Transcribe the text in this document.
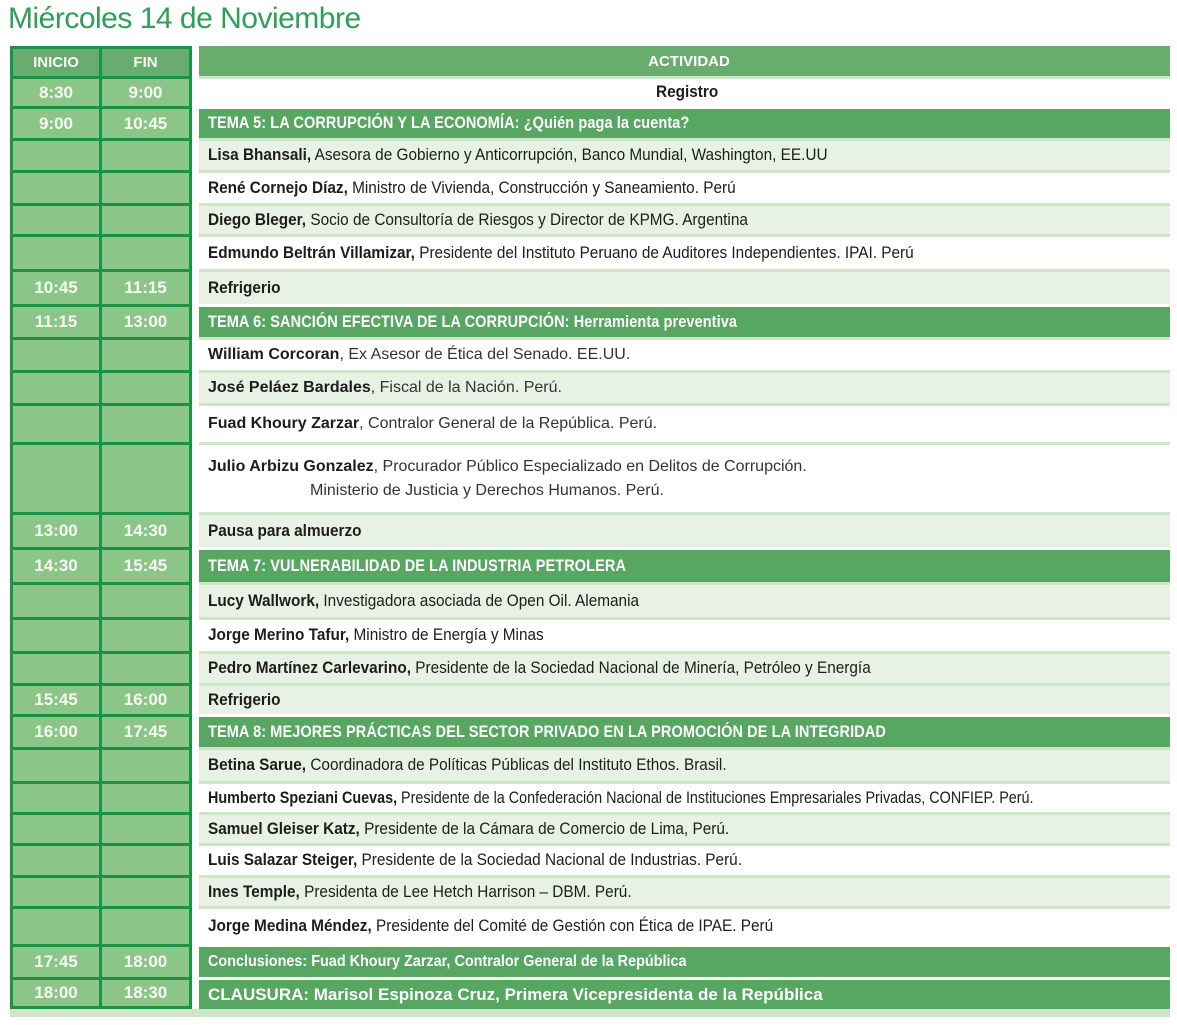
Miércoles 14 de Noviembre
INICIO	FIN	ACTIVIDAD
8:30	9:00	Registro
9:00	10:45	TEMA 5: LA CORRUPCIÓN Y LA ECONOMÍA: ¿Quién paga la cuenta?
Lisa Bhansali, Asesora de Gobierno y Anticorrupción, Banco Mundial, Washington, EE.UU
René Cornejo Díaz, Ministro de Vivienda, Construcción y Saneamiento. Perú
Diego Bleger, Socio de Consultoría de Riesgos y Director de KPMG. Argentina
Edmundo Beltrán Villamizar, Presidente del Instituto Peruano de Auditores Independientes. IPAI. Perú
10:45	11:15	Refrigerio
11:15	13:00	TEMA 6: SANCIÓN EFECTIVA DE LA CORRUPCIÓN: Herramienta preventiva
William Corcoran, Ex Asesor de Ética del Senado. EE.UU.
José Peláez Bardales, Fiscal de la Nación. Perú.
Fuad Khoury Zarzar, Contralor General de la República. Perú.
Julio Arbizu Gonzalez, Procurador Público Especializado en Delitos de Corrupción.
Ministerio de Justicia y Derechos Humanos. Perú.
13:00	14:30	Pausa para almuerzo
14:30	15:45	TEMA 7: VULNERABILIDAD DE LA INDUSTRIA PETROLERA
Lucy Wallwork, Investigadora asociada de Open Oil. Alemania
Jorge Merino Tafur, Ministro de Energía y Minas
Pedro Martínez Carlevarino, Presidente de la Sociedad Nacional de Minería, Petróleo y Energía
15:45	16:00	Refrigerio
16:00	17:45	TEMA 8: MEJORES PRÁCTICAS DEL SECTOR PRIVADO EN LA PROMOCIÓN DE LA INTEGRIDAD
Betina Sarue, Coordinadora de Políticas Públicas del Instituto Ethos. Brasil.
Humberto Speziani Cuevas, Presidente de la Confederación Nacional de Instituciones Empresariales Privadas, CONFIEP. Perú.
Samuel Gleiser Katz, Presidente de la Cámara de Comercio de Lima, Perú.
Luis Salazar Steiger, Presidente de la Sociedad Nacional de Industrias. Perú.
Ines Temple, Presidenta de Lee Hetch Harrison – DBM. Perú.
Jorge Medina Méndez, Presidente del Comité de Gestión con Ética de IPAE. Perú
17:45	18:00	Conclusiones: Fuad Khoury Zarzar, Contralor General de la República
18:00	18:30	CLAUSURA: Marisol Espinoza Cruz, Primera Vicepresidenta de la República
